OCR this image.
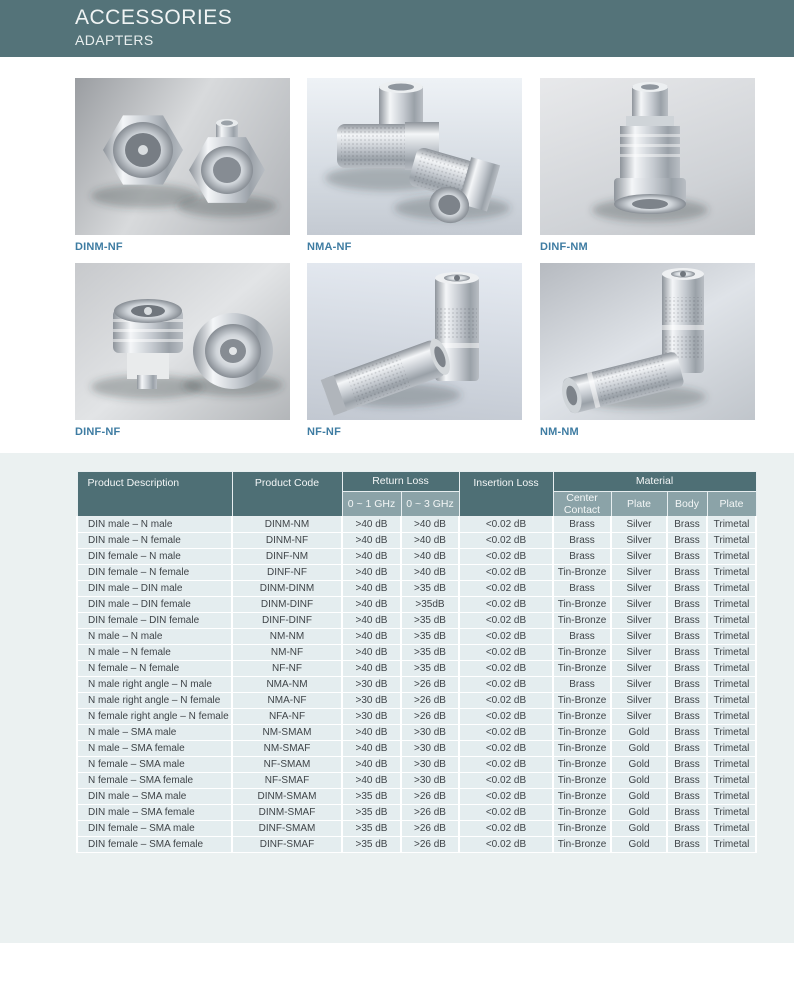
ACCESSORIES
ADAPTERS
DINM-NF	NMA-NF	DINF-NM
DINF-NF	NF-NF	NM-NM
Product Description	Product Code	Return Loss		Insertion Loss	Material			
		0 ~ 1 GHz	0 ~ 3 GHz		Center Contact	Plate	Body	Plate
DIN male – N male	DINM-NM	>40 dB	>40 dB	<0.02 dB	Brass	Silver	Brass	Trimetal
DIN male – N female	DINM-NF	>40 dB	>40 dB	<0.02 dB	Brass	Silver	Brass	Trimetal
DIN female – N male	DINF-NM	>40 dB	>40 dB	<0.02 dB	Brass	Silver	Brass	Trimetal
DIN female – N female	DINF-NF	>40 dB	>40 dB	<0.02 dB	Tin-Bronze	Silver	Brass	Trimetal
DIN male – DIN male	DINM-DINM	>40 dB	>35 dB	<0.02 dB	Brass	Silver	Brass	Trimetal
DIN male – DIN female	DINM-DINF	>40 dB	>35dB	<0.02 dB	Tin-Bronze	Silver	Brass	Trimetal
DIN female – DIN female	DINF-DINF	>40 dB	>35 dB	<0.02 dB	Tin-Bronze	Silver	Brass	Trimetal
N male – N male	NM-NM	>40 dB	>35 dB	<0.02 dB	Brass	Silver	Brass	Trimetal
N male – N female	NM-NF	>40 dB	>35 dB	<0.02 dB	Tin-Bronze	Silver	Brass	Trimetal
N female – N female	NF-NF	>40 dB	>35 dB	<0.02 dB	Tin-Bronze	Silver	Brass	Trimetal
N male right angle – N male	NMA-NM	>30 dB	>26 dB	<0.02 dB	Brass	Silver	Brass	Trimetal
N male right angle – N female	NMA-NF	>30 dB	>26 dB	<0.02 dB	Tin-Bronze	Silver	Brass	Trimetal
N female right angle – N female	NFA-NF	>30 dB	>26 dB	<0.02 dB	Tin-Bronze	Silver	Brass	Trimetal
N male – SMA male	NM-SMAM	>40 dB	>30 dB	<0.02 dB	Tin-Bronze	Gold	Brass	Trimetal
N male – SMA female	NM-SMAF	>40 dB	>30 dB	<0.02 dB	Tin-Bronze	Gold	Brass	Trimetal
N female – SMA male	NF-SMAM	>40 dB	>30 dB	<0.02 dB	Tin-Bronze	Gold	Brass	Trimetal
N female – SMA female	NF-SMAF	>40 dB	>30 dB	<0.02 dB	Tin-Bronze	Gold	Brass	Trimetal
DIN male – SMA male	DINM-SMAM	>35 dB	>26 dB	<0.02 dB	Tin-Bronze	Gold	Brass	Trimetal
DIN male – SMA female	DINM-SMAF	>35 dB	>26 dB	<0.02 dB	Tin-Bronze	Gold	Brass	Trimetal
DIN female – SMA male	DINF-SMAM	>35 dB	>26 dB	<0.02 dB	Tin-Bronze	Gold	Brass	Trimetal
DIN female – SMA female	DINF-SMAF	>35 dB	>26 dB	<0.02 dB	Tin-Bronze	Gold	Brass	Trimetal
